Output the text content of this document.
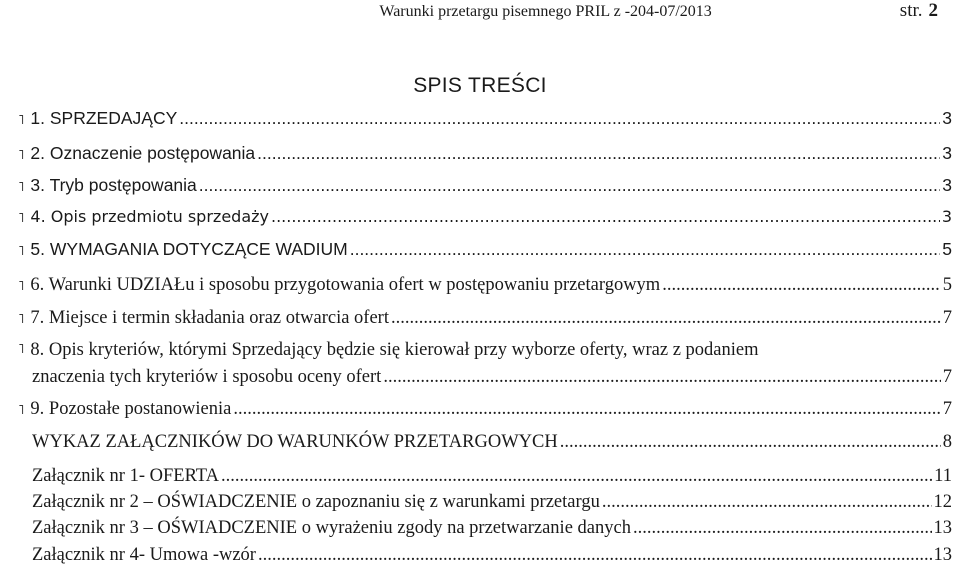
Warunki przetargu pisemnego PRIL z -204-07/2013	str. 2
SPIS TREŚCI
˥ 1. SPRZEDAJĄCY .....	3
˥ 2. Oznaczenie postępowania .....	3
˥ 3. Tryb postępowania .....	3
˥ 4. Opis przedmiotu sprzedaży .....	3
˥ 5. WYMAGANIA DOTYCZĄCE WADIUM .....	5
˥ 6. Warunki UDZIAŁu i sposobu przygotowania ofert w postępowaniu przetargowym .....	5
˥ 7. Miejsce i termin składania oraz otwarcia ofert .....	7
˥ 8. Opis kryteriów, którymi Sprzedający będzie się kierował przy wyborze oferty, wraz z podaniem
znaczenia tych kryteriów i sposobu oceny ofert .....	7
˥ 9. Pozostałe postanowienia .....	7
WYKAZ ZAŁĄCZNIKÓW DO WARUNKÓW PRZETARGOWYCH .....	8
Załącznik nr 1- OFERTA .....	11
Załącznik nr 2 – OŚWIADCZENIE o zapoznaniu się z warunkami przetargu .....	12
Załącznik nr 3 – OŚWIADCZENIE o wyrażeniu zgody na przetwarzanie danych .....	13
Załącznik nr 4- Umowa -wzór .....	13
